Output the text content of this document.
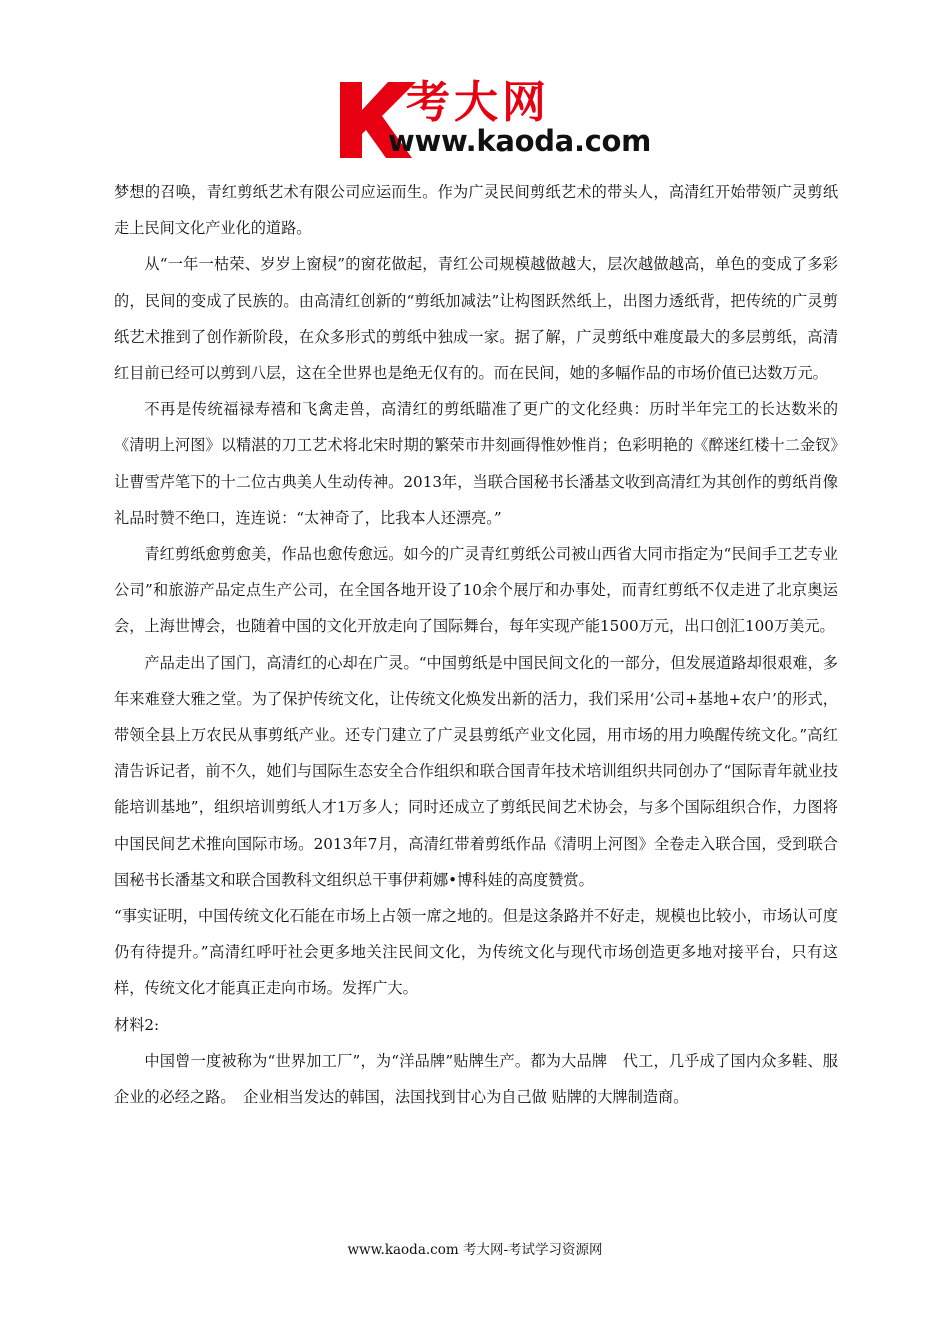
考大网
www.kaoda.com

梦想的召唤，青红剪纸艺术有限公司应运而生。作为广灵民间剪纸艺术的带头人，高清红开始带领广灵剪纸走上民间文化产业化的道路。

从“一年一枯荣、岁岁上窗棂”的窗花做起，青红公司规模越做越大，层次越做越高，单色的变成了多彩的，民间的变成了民族的。由高清红创新的“剪纸加减法”让构图跃然纸上，出图力透纸背，把传统的广灵剪纸艺术推到了创作新阶段，在众多形式的剪纸中独成一家。据了解，广灵剪纸中难度最大的多层剪纸，高清红目前已经可以剪到八层，这在全世界也是绝无仅有的。而在民间，她的多幅作品的市场价值已达数万元。

不再是传统福禄寿禧和飞禽走兽，高清红的剪纸瞄准了更广的文化经典：历时半年完工的长达数米的《清明上河图》以精湛的刀工艺术将北宋时期的繁荣市井刻画得惟妙惟肖；色彩明艳的《醉迷红楼十二金钗》让曹雪芹笔下的十二位古典美人生动传神。2013年，当联合国秘书长潘基文收到高清红为其创作的剪纸肖像礼品时赞不绝口，连连说：“太神奇了，比我本人还漂亮。”

青红剪纸愈剪愈美，作品也愈传愈远。如今的广灵青红剪纸公司被山西省大同市指定为“民间手工艺专业公司”和旅游产品定点生产公司，在全国各地开设了10余个展厅和办事处，而青红剪纸不仅走进了北京奥运会，上海世博会，也随着中国的文化开放走向了国际舞台，每年实现产能1500万元，出口创汇100万美元。

产品走出了国门，高清红的心却在广灵。“中国剪纸是中国民间文化的一部分，但发展道路却很艰难，多年来难登大雅之堂。为了保护传统文化，让传统文化焕发出新的活力，我们采用‘公司+基地+农户’的形式，带领全县上万农民从事剪纸产业。还专门建立了广灵县剪纸产业文化园，用市场的用力唤醒传统文化。”高红清告诉记者，前不久，她们与国际生态安全合作组织和联合国青年技术培训组织共同创办了“国际青年就业技能培训基地”，组织培训剪纸人才1万多人；同时还成立了剪纸民间艺术协会，与多个国际组织合作，力图将中国民间艺术推向国际市场。2013年7月，高清红带着剪纸作品《清明上河图》全卷走入联合国，受到联合国秘书长潘基文和联合国教科文组织总干事伊莉娜•博科娃的高度赞赏。

“事实证明，中国传统文化石能在市场上占领一席之地的。但是这条路并不好走，规模也比较小，市场认可度仍有待提升。”高清红呼吁社会更多地关注民间文化，为传统文化与现代市场创造更多地对接平台，只有这样，传统文化才能真正走向市场。发挥广大。

材料2:

中国曾一度被称为“世界加工厂”，为“洋品牌”贴牌生产。都为大品牌　代工，几乎成了国内众多鞋、服企业的必经之路。　企业相当发达的韩国，法国找到甘心为自己做 贴牌的大牌制造商。

www.kaoda.com 考大网-考试学习资源网
